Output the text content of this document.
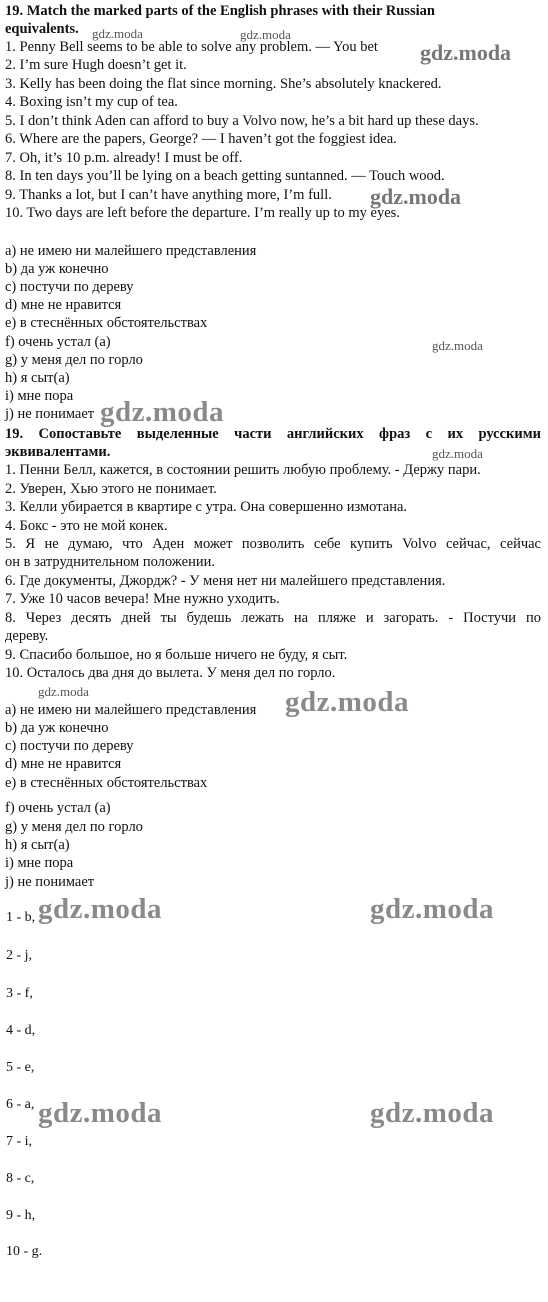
19. Match the marked parts of the English phrases with their Russian
equivalents.
1. Penny Bell seems to be able to solve any problem. — You bet
2. I’m sure Hugh doesn’t get it.
3. Kelly has been doing the flat since morning. She’s absolutely knackered.
4. Boxing isn’t my cup of tea.
5. I don’t think Aden can afford to buy a Volvo now, he’s a bit hard up these days.
6. Where are the papers, George? — I haven’t got the foggiest idea.
7. Oh, it’s 10 p.m. already! I must be off.
8. In ten days you’ll be lying on a beach getting suntanned. — Touch wood.
9. Thanks a lot, but I can’t have anything more, I’m full.
10. Two days are left before the departure. I’m really up to my eyes.
a) не имею ни малейшего представления
b) да уж конечно
c) постучи по дереву
d) мне не нравится
e) в стеснённых обстоятельствах
f) очень устал (а)
g) у меня дел по горло
h) я сыт(а)
i) мне пора
j) не понимает
19. Сопоставьте выделенные части английских фраз с их русскими
эквивалентами.
1. Пенни Белл, кажется, в состоянии решить любую проблему. - Держу пари.
2. Уверен, Хью этого не понимает.
3. Келли убирается в квартире с утра. Она совершенно измотана.
4. Бокс - это не мой конек.
5. Я не думаю, что Аден может позволить себе купить Volvo сейчас, сейчас
он в затруднительном положении.
6. Где документы, Джордж? - У меня нет ни малейшего представления.
7. Уже 10 часов вечера! Мне нужно уходить.
8. Через десять дней ты будешь лежать на пляже и загорать. - Постучи по
дереву.
9. Спасибо большое, но я больше ничего не буду, я сыт.
10. Осталось два дня до вылета. У меня дел по горло.
a) не имею ни малейшего представления
b) да уж конечно
c) постучи по дереву
d) мне не нравится
e) в стеснённых обстоятельствах
f) очень устал (а)
g) у меня дел по горло
h) я сыт(а)
i) мне пора
j) не понимает
1 - b,
2 - j,
3 - f,
4 - d,
5 - e,
6 - a,
7 - i,
8 - c,
9 - h,
10 - g.
gdz.moda	gdz.moda
gdz.moda
gdz.moda
gdz.moda
gdz.moda
gdz.moda
gdz.moda	gdz.moda
gdz.moda	gdz.moda
gdz.moda	gdz.moda
